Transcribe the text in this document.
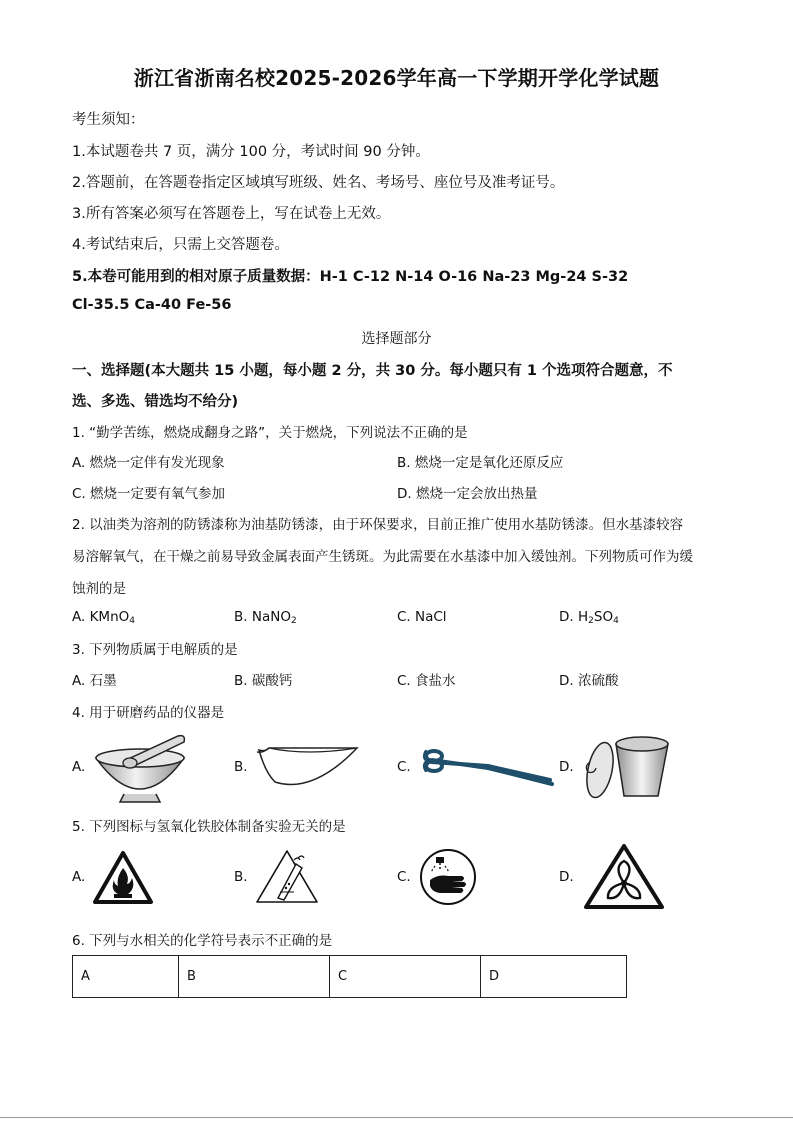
浙江省浙南名校2025-2026学年高一下学期开学化学试题
考生须知：
1.本试题卷共 7 页，满分 100 分，考试时间 90 分钟。
2.答题前，在答题卷指定区域填写班级、姓名、考场号、座位号及准考证号。
3.所有答案必须写在答题卷上，写在试卷上无效。
4.考试结束后，只需上交答题卷。
5.本卷可能用到的相对原子质量数据：H-1 C-12 N-14 O-16 Na-23 Mg-24 S-32
Cl-35.5 Ca-40 Fe-56
选择题部分
一、选择题(本大题共 15 小题，每小题 2 分，共 30 分。每小题只有 1 个选项符合题意，不
选、多选、错选均不给分)
1. “勤学苦练，燃烧成翻身之路”，关于燃烧，下列说法不正确的是
A. 燃烧一定伴有发光现象	B. 燃烧一定是氧化还原反应
C. 燃烧一定要有氧气参加	D. 燃烧一定会放出热量
2. 以油类为溶剂的防锈漆称为油基防锈漆，由于环保要求，目前正推广使用水基防锈漆。但水基漆较容
易溶解氧气，在干燥之前易导致金属表面产生锈斑。为此需要在水基漆中加入缓蚀剂。下列物质可作为缓
蚀剂的是
A. KMnO$_4$	B. NaNO$_2$	C. NaCl	D. $H_2SO_4$
3. 下列物质属于电解质的是
A. 石墨	B. 碳酸钙	C. 食盐水	D. 浓硫酸
4. 用于研磨药品的仪器是
A.	B.	C.	D.
5. 下列图标与氢氧化铁胶体制备实验无关的是
A.	B.	C.	D.
6. 下列与水相关的化学符号表示不正确的是
A	B	C	D
